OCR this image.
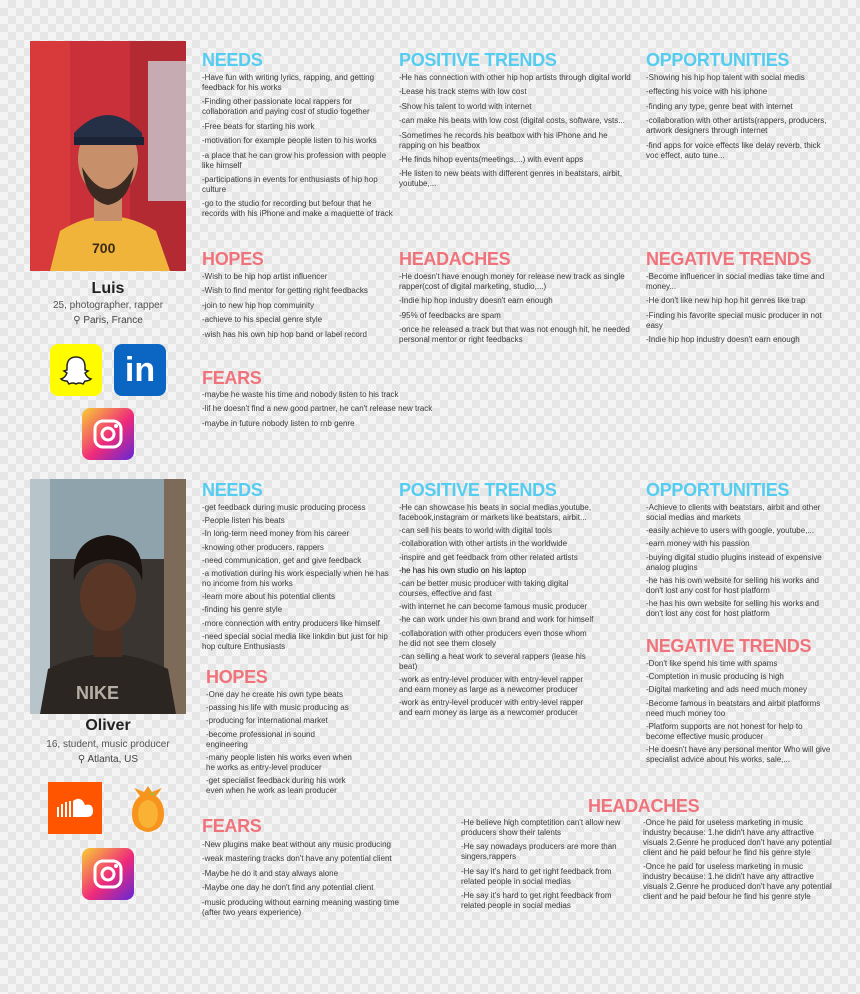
700
Luis
25, photographer, rapper
⚲ Paris, France
in
NEEDS
-Have fun with writing lyrics, rapping, and getting feedback for his works
-Finding other passionate local rappers for collaboration and paying cost of studio together
-Free beats for starting his work
-motivation for example people listen to his works
-a place that he can grow his profession with people like himself
-participations in events for enthusiasts of hip hop culture
-go to the studio for recording but befour that he records with his iPhone and make a maquette of track
POSITIVE TRENDS
-He has connection with other hip hop artists through digital world
-Lease his track stems with low cost
-Show his talent to world with internet
-can make his beats with low cost (digital costs, software, vsts...
-Sometimes he records his beatbox with his iPhone and he rapping on his beatbox
-He finds hihop events(meetings,...) with event apps
-He listen to new beats with different genres in beatstars, airbit, youtube,...
OPPORTUNITIES
-Showing his hip hop talent with social medis
-effecting his voice with his iphone
-finding any type, genre beat with internet
-collaboration with other artists(rappers, producers, artwork designers through internet
-find apps for voice effects like delay reverb, thick voc effect, auto tune...
HOPES
-Wish to be hip hop artist influencer
-Wish to find mentor for getting right feedbacks
-join to new hip hop commuinity
-achieve to his special genre style
-wish has his own hip hop band or label record
HEADACHES
-He doesn't have enough money for release new track as single rapper(cost of digital marketing, studio,...)
-Indie hip hop industry doesn't earn enough
-95% of feedbacks are spam
-once he released a track but that was not enough hit, he needed personal mentor or right feedbacks
NEGATIVE TRENDS
-Become influencer in social medias take time and money...
-He don't like new hip hop hit genres like trap
-Finding his favorite special music producer in not easy
-Indie hip hop industry doesn't earn enough
FEARS
-maybe he waste his time and nobody listen to his track
-lif he doesn't find a new good partner, he can't release new track
-maybe in future nobody listen to rnb genre
NIKE
Oliver
16, student, music producer
⚲ Atlanta, US
NEEDS
-get feedback during music producing process
-People listen his beats
-In long-term need money from his career
-knowing other producers, rappers
-need communication, get and give feedback
-a motivation during his work especially when he has no income from his works
-learn more about his potential clients
-finding his genre style
-more connection with entry producers like himself
-need special social media like linkdin but just for hip hop culture Enthusiasts
POSITIVE TRENDS
-He can showcase his beats in social medias,youtube, facebook,instagram or markets like beatstars, airbit...
-can sell his beats to world with digital tools
-collaboration with other artists in the worldwide
-inspire and get feedback from other related artists
-he has his own studio on his laptop
-can be better music producer with taking digital courses, effective and fast
-with internet he can become famous music producer
-he can work under his own brand and work for himself
-collaboration with other producers even those whom he did not see them closely
-can selling a heat work to several rappers (lease his beat)
-work as entry-level producer with entry-level rapper and earn money as large as a newcomer producer
-work as entry-level producer with entry-level rapper and earn money as large as a newcomer producer
OPPORTUNITIES
-Achieve to clients with beatstars, airbit and other social medias and markets
-easily achieve to users with google, youtube,...
-earn money with his passion
-buying digital studio plugins instead of expensive analog plugins
-he has his own website for selling his works and don't lost any cost for host platform
-he has his own website for selling his works and don't lost any cost for host platform
NEGATIVE TRENDS
-Don't like spend his time with spams
-Comptetion in music producing is high
-Digital marketing and ads need much money
-Become famous in beatstars and airbit platforms need much money too
-Platform supports are not honest for help to become effective music producer
-He doesn't have any personal mentor Who will give specialist advice about his works, sale,...
HOPES
-One day he create his own type beats
-passing his life with music producing as
-producing for international market
-become professional in sound engineering
-many people listen his works even when he works as entry-level producer
-get specialist feedback during his work even when he work as lean producer
HEADACHES
-He believe high comptetition can't allow new producers show their talents
-He say nowadays producers are more than singers,rappers
-He say it's hard to get right feedback from related people in social medias
-He say it's hard to get right feedback from related people in social medias
-Once he paid for useless marketing in music industry because: 1.he didn't have any attractive visuals 2.Genre he produced don't have any potential client and he paid befour he find his genre style
-Once he paid for useless marketing in music industry because: 1.he didn't have any attractive visuals 2.Genre he produced don't have any potential client and he paid befour he find his genre style
FEARS
-New plugins make beat without any music producing
-weak mastering tracks don't have any potential client
-Maybe he do it and stay always alone
-Maybe one day he don't find any potential client
-music producing without earning meaning wasting time (after two years experience)
